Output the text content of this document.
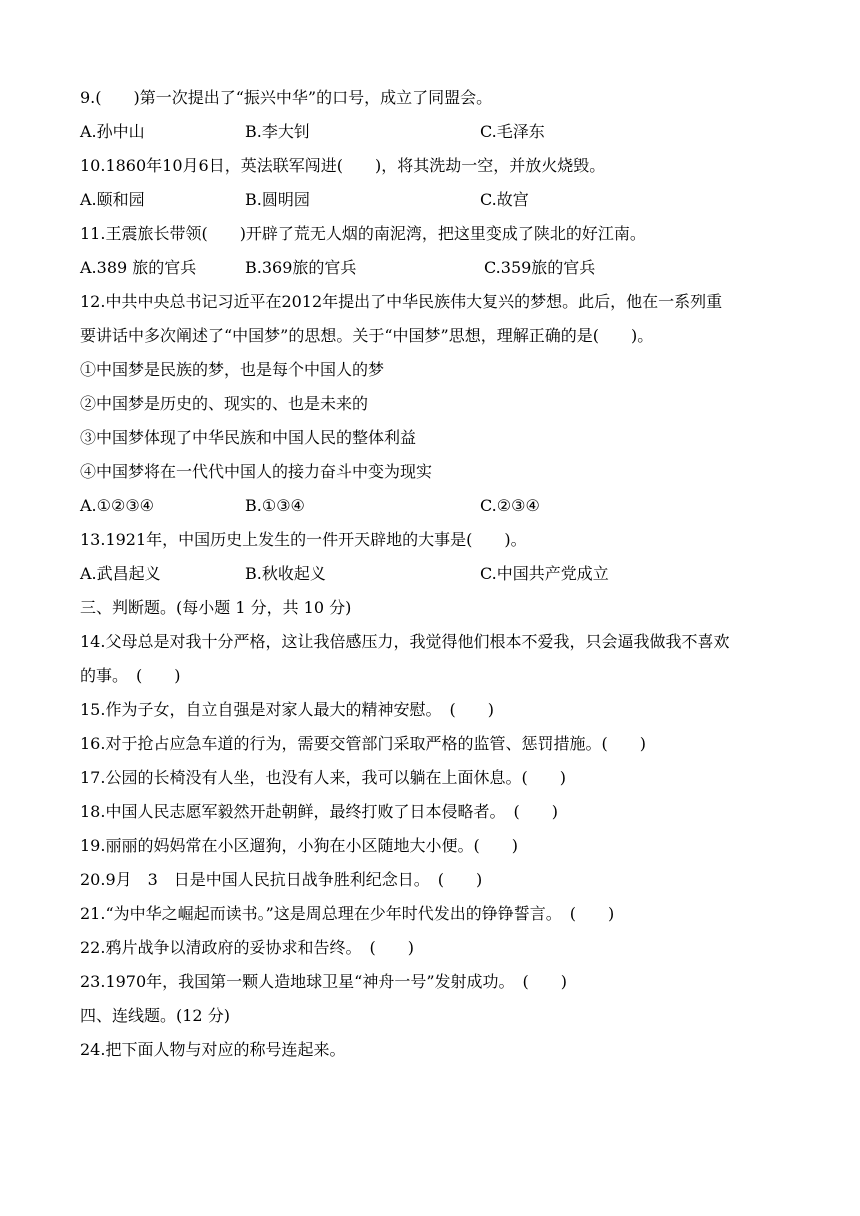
9.(　　)第一次提出了“振兴中华”的口号，成立了同盟会。
A.孙中山	B.李大钊	C.毛泽东
10.1860年10月6日，英法联军闯进(　　)，将其洗劫一空，并放火烧毁。
A.颐和园	B.圆明园	C.故宫
11.王震旅长带领(　　)开辟了荒无人烟的南泥湾，把这里变成了陕北的好江南。
A.389 旅的官兵	B.369旅的官兵	C.359旅的官兵
12.中共中央总书记习近平在2012年提出了中华民族伟大复兴的梦想。此后，他在一系列重
要讲话中多次阐述了“中国梦”的思想。关于“中国梦”思想，理解正确的是(　　)。
①中国梦是民族的梦，也是每个中国人的梦
②中国梦是历史的、现实的、也是未来的
③中国梦体现了中华民族和中国人民的整体利益
④中国梦将在一代代中国人的接力奋斗中变为现实
A.①②③④	B.①③④	C.②③④
13.1921年，中国历史上发生的一件开天辟地的大事是(　　)。
A.武昌起义	B.秋收起义	C.中国共产党成立
三、判断题。(每小题 1 分，共 10 分)
14.父母总是对我十分严格，这让我倍感压力，我觉得他们根本不爱我，只会逼我做我不喜欢
的事。　(　　)
15.作为子女，自立自强是对家人最大的精神安慰。　(　　)
16.对于抢占应急车道的行为，需要交管部门采取严格的监管、惩罚措施。(　　)
17.公园的长椅没有人坐，也没有人来，我可以躺在上面休息。(　　)
18.中国人民志愿军毅然开赴朝鲜，最终打败了日本侵略者。　(　　)
19.丽丽的妈妈常在小区遛狗，小狗在小区随地大小便。(　　)
20.9月　3　日是中国人民抗日战争胜利纪念日。　(　　)
21.“为中华之崛起而读书。”这是周总理在少年时代发出的铮铮誓言。　(　　)
22.鸦片战争以清政府的妥协求和告终。　(　　)
23.1970年，我国第一颗人造地球卫星“神舟一号”发射成功。　(　　)
四、连线题。(12 分)
24.把下面人物与对应的称号连起来。
